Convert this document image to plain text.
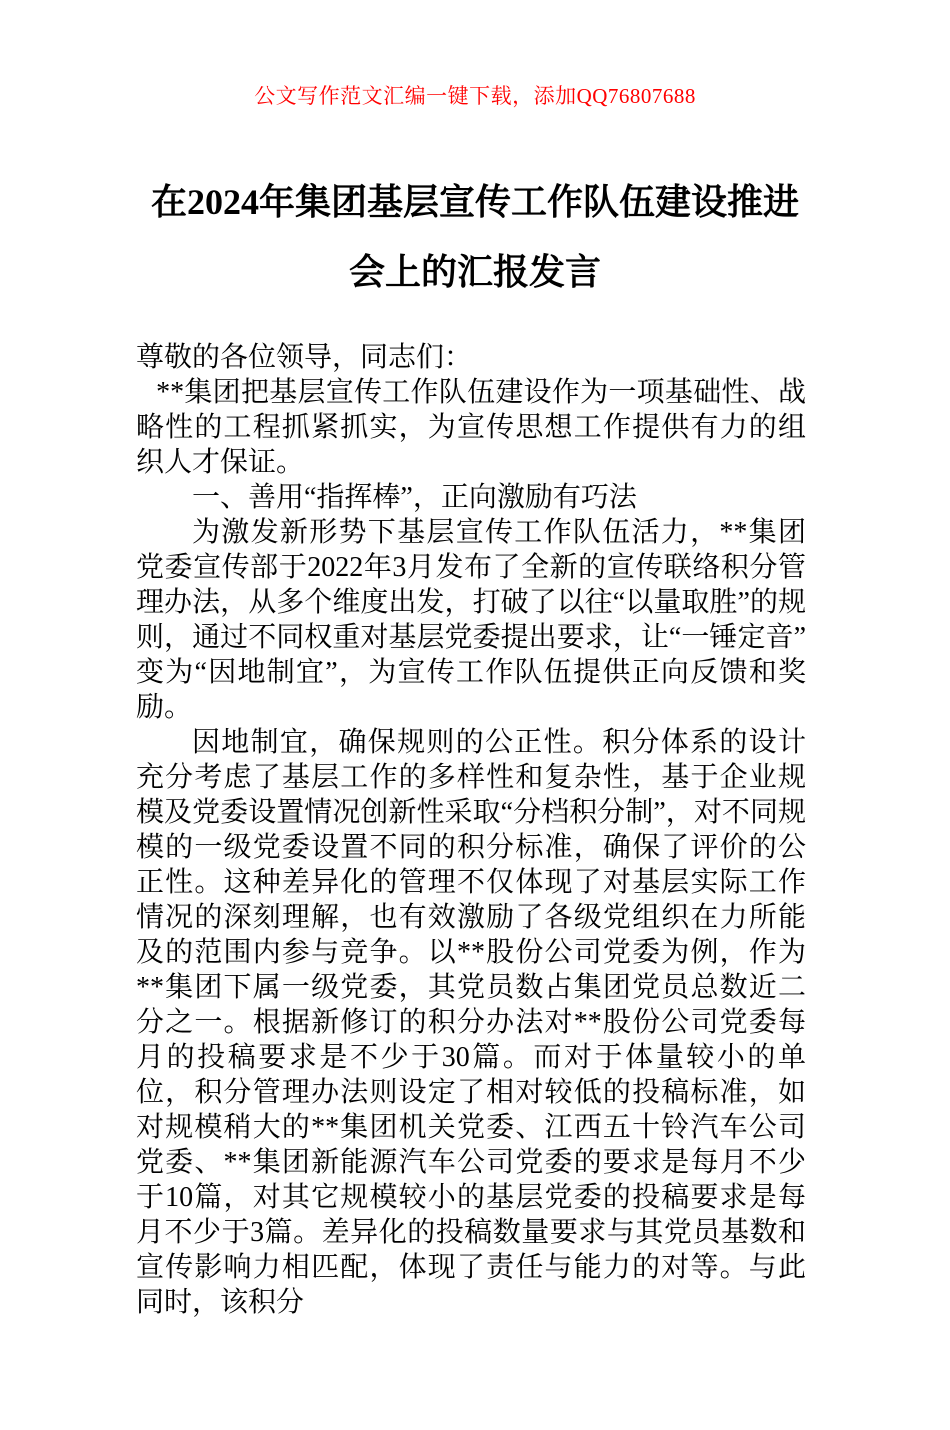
公文写作范文汇编一键下载，添加QQ76807688
在2024年集团基层宣传工作队伍建设推进
会上的汇报发言

尊敬的各位领导，同志们：

**集团把基层宣传工作队伍建设作为一项基础性、战略性的工程抓紧抓实，为宣传思想工作提供有力的组织人才保证。

一、善用“指挥棒”，正向激励有巧法

为激发新形势下基层宣传工作队伍活力，**集团党委宣传部于2022年3月发布了全新的宣传联络积分管理办法，从多个维度出发，打破了以往“以量取胜”的规则，通过不同权重对基层党委提出要求，让“一锤定音”变为“因地制宜”，为宣传工作队伍提供正向反馈和奖励。

因地制宜，确保规则的公正性。积分体系的设计充分考虑了基层工作的多样性和复杂性，基于企业规模及党委设置情况创新性采取“分档积分制”，对不同规模的一级党委设置不同的积分标准，确保了评价的公正性。这种差异化的管理不仅体现了对基层实际工作情况的深刻理解，也有效激励了各级党组织在力所能及的范围内参与竞争。以**股份公司党委为例，作为**集团下属一级党委，其党员数占集团党员总数近二分之一。根据新修订的积分办法对**股份公司党委每月的投稿要求是不少于30篇。而对于体量较小的单位，积分管理办法则设定了相对较低的投稿标准，如对规模稍大的**集团机关党委、江西五十铃汽车公司党委、**集团新能源汽车公司党委的要求是每月不少于10篇，对其它规模较小的基层党委的投稿要求是每月不少于3篇。差异化的投稿数量要求与其党员基数和宣传影响力相匹配，体现了责任与能力的对等。与此同时，该积分
